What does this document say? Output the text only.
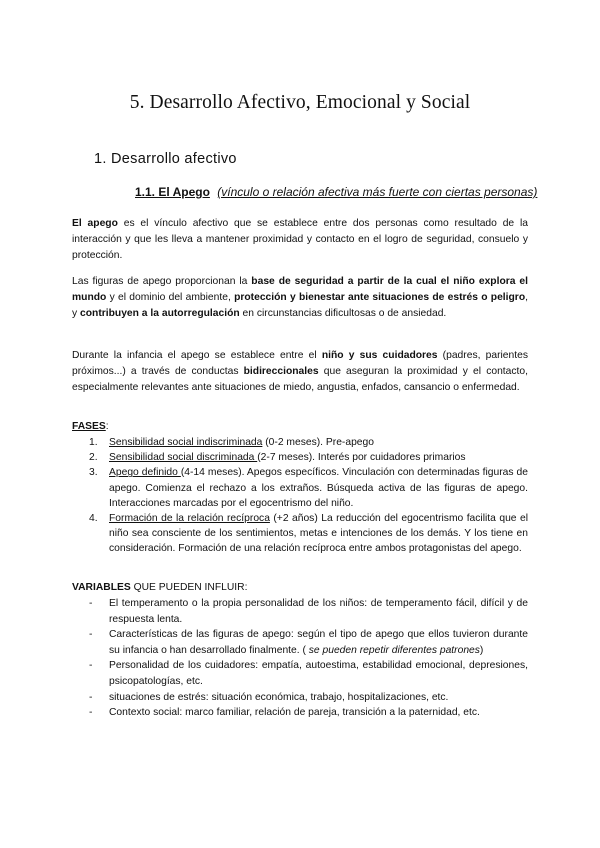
5. Desarrollo Afectivo, Emocional y Social
1. Desarrollo afectivo
1.1. El Apego (vínculo o relación afectiva más fuerte con ciertas personas)
El apego es el vínculo afectivo que se establece entre dos personas como resultado de la interacción y que les lleva a mantener proximidad y contacto en el logro de seguridad, consuelo y protección.
Las figuras de apego proporcionan la base de seguridad a partir de la cual el niño explora el mundo y el dominio del ambiente, protección y bienestar ante situaciones de estrés o peligro, y contribuyen a la autorregulación en circunstancias dificultosas o de ansiedad.
Durante la infancia el apego se establece entre el niño y sus cuidadores (padres, parientes próximos...) a través de conductas bidireccionales que aseguran la proximidad y el contacto, especialmente relevantes ante situaciones de miedo, angustia, enfados, cansancio o enfermedad.
FASES:
1. Sensibilidad social indiscriminada (0-2 meses). Pre-apego
2. Sensibilidad social discriminada (2-7 meses). Interés por cuidadores primarios
3. Apego definido (4-14 meses). Apegos específicos. Vinculación con determinadas figuras de apego. Comienza el rechazo a los extraños. Búsqueda activa de las figuras de apego. Interacciones marcadas por el egocentrismo del niño.
4. Formación de la relación recíproca (+2 años) La reducción del egocentrismo facilita que el niño sea consciente de los sentimientos, metas e intenciones de los demás. Y los tiene en consideración. Formación de una relación recíproca entre ambos protagonistas del apego.
VARIABLES QUE PUEDEN INFLUIR:
- El temperamento o la propia personalidad de los niños: de temperamento fácil, difícil y de respuesta lenta.
- Características de las figuras de apego: según el tipo de apego que ellos tuvieron durante su infancia o han desarrollado finalmente. ( se pueden repetir diferentes patrones)
- Personalidad de los cuidadores: empatía, autoestima, estabilidad emocional, depresiones, psicopatologías, etc.
- situaciones de estrés: situación económica, trabajo, hospitalizaciones, etc.
- Contexto social: marco familiar, relación de pareja, transición a la paternidad, etc.
